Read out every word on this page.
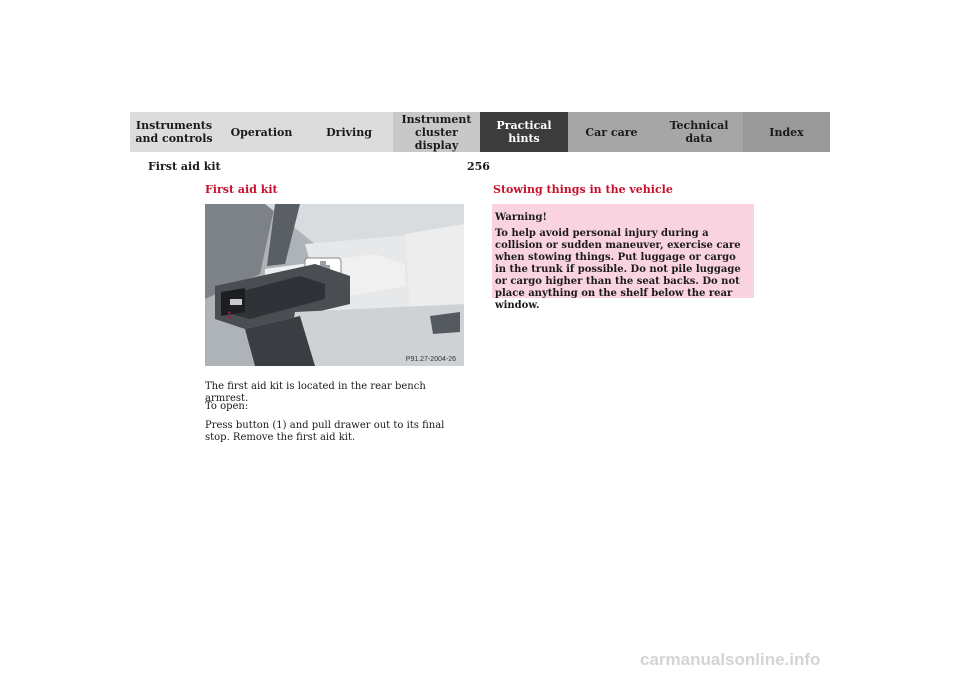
Instruments
and controls Operation	Driving
Instrument
cluster display
Practical hints	Car care	Technical
data	Index
First aid kit	256
First aid kit
1
P91.27-2004-26
The first aid kit is located in the rear bench armrest.
To open:
Press button (1) and pull drawer out to its final stop. Remove the first aid kit.
Stowing things in the vehicle
Warning!
To help avoid personal injury during a collision or sudden maneuver, exercise care when stowing things. Put luggage or cargo in the trunk if possible. Do not pile luggage or cargo higher than the seat backs. Do not place anything on the shelf below the rear window.
carmanualsonline.info
